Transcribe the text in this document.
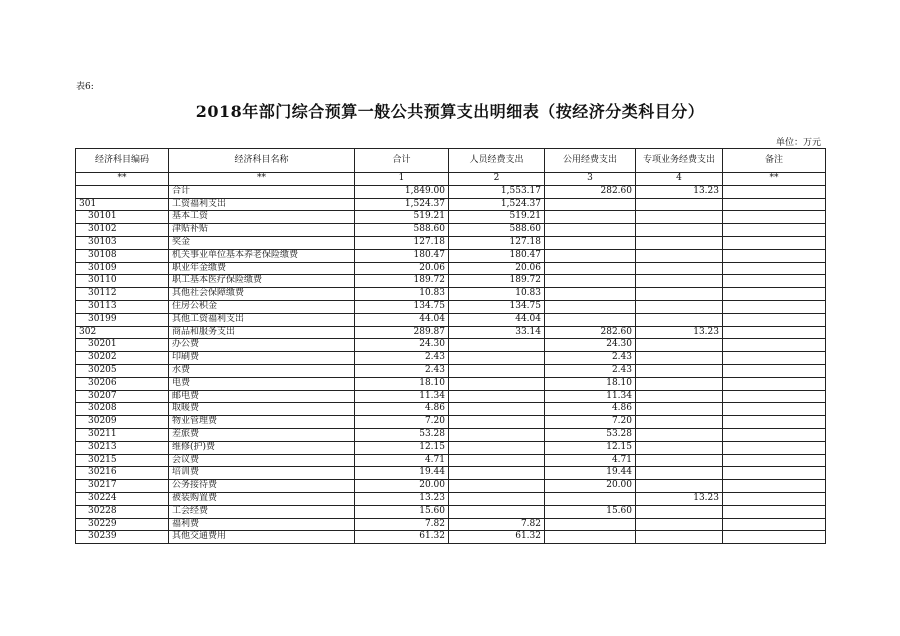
表6:
2018年部门综合预算一般公共预算支出明细表（按经济分类科目分）
单位：万元
经济科目编码	经济科目名称	合计	人员经费支出	公用经费支出	专项业务经费支出	备注
**	**	1	2	3	4	**
	合计	1,849.00	1,553.17	282.60	13.23	
301	工资福利支出	1,524.37	1,524.37			
30101	基本工资	519.21	519.21			
30102	津贴补贴	588.60	588.60			
30103	奖金	127.18	127.18			
30108	机关事业单位基本养老保险缴费	180.47	180.47			
30109	职业年金缴费	20.06	20.06			
30110	职工基本医疗保险缴费	189.72	189.72			
30112	其他社会保障缴费	10.83	10.83			
30113	住房公积金	134.75	134.75			
30199	其他工资福利支出	44.04	44.04			
302	商品和服务支出	289.87	33.14	282.60	13.23	
30201	办公费	24.30		24.30		
30202	印刷费	2.43		2.43		
30205	水费	2.43		2.43		
30206	电费	18.10		18.10		
30207	邮电费	11.34		11.34		
30208	取暖费	4.86		4.86		
30209	物业管理费	7.20		7.20		
30211	差旅费	53.28		53.28		
30213	维修(护)费	12.15		12.15		
30215	会议费	4.71		4.71		
30216	培训费	19.44		19.44		
30217	公务接待费	20.00		20.00		
30224	被装购置费	13.23			13.23	
30228	工会经费	15.60		15.60		
30229	福利费	7.82	7.82			
30239	其他交通费用	61.32	61.32			
